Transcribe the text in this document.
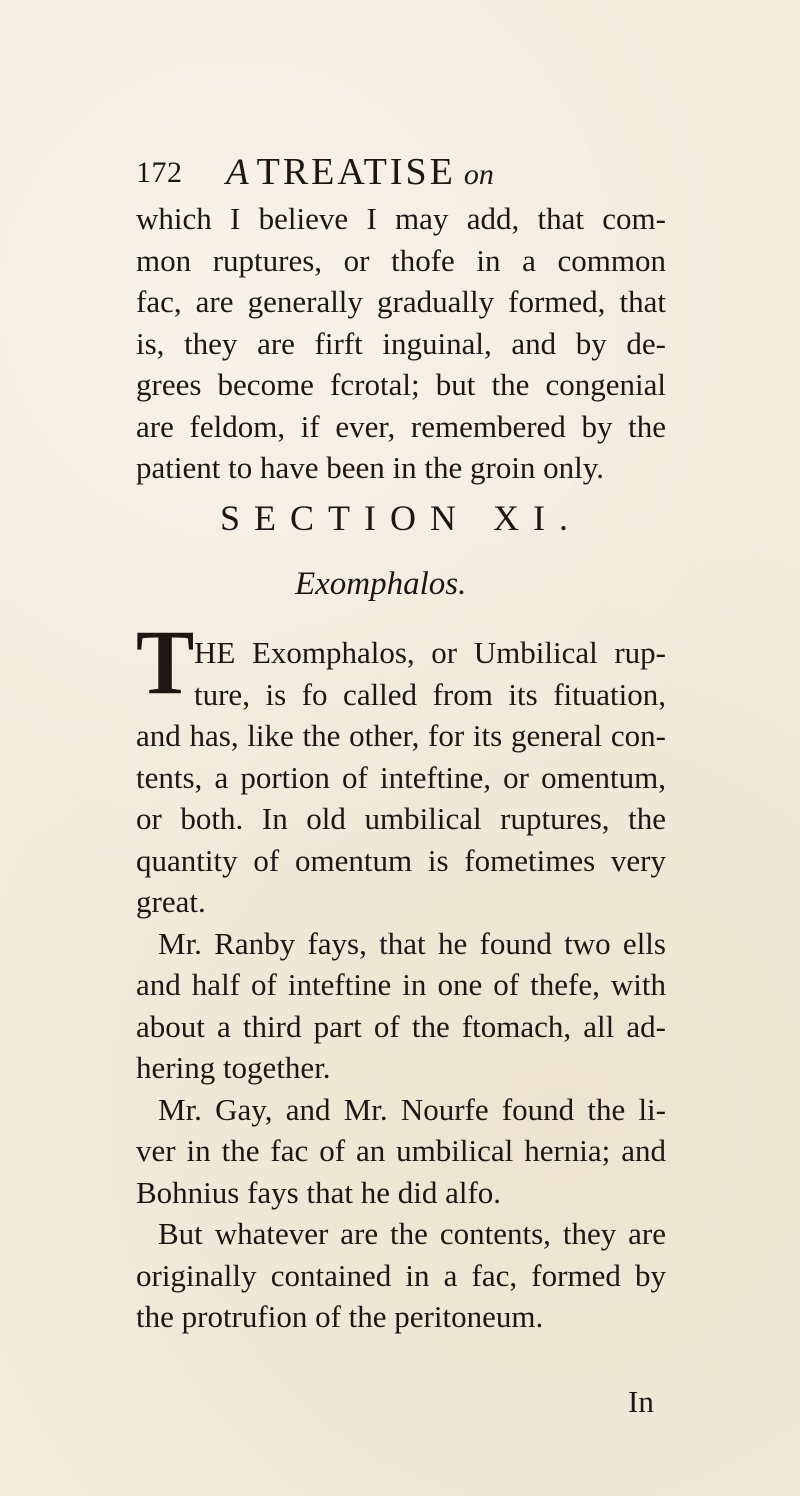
172 A TREATISE on
which I believe I may add, that com-
mon ruptures, or thofe in a common
fac, are generally gradually formed, that
is, they are firft inguinal, and by de-
grees become fcrotal; but the congenial
are feldom, if ever, remembered by the
patient to have been in the groin only.
SECTION XI.
Exomphalos.
T HE Exomphalos, or Umbilical rup-
ture, is fo called from its fituation,
and has, like the other, for its general con-
tents, a portion of inteftine, or omentum,
or both. In old umbilical ruptures, the
quantity of omentum is fometimes very
great.
Mr. Ranby fays, that he found two ells
and half of inteftine in one of thefe, with
about a third part of the ftomach, all ad-
hering together.
Mr. Gay, and Mr. Nourfe found the li-
ver in the fac of an umbilical hernia; and
Bohnius fays that he did alfo.
But whatever are the contents, they are
originally contained in a fac, formed by
the protrufion of the peritoneum.
In
